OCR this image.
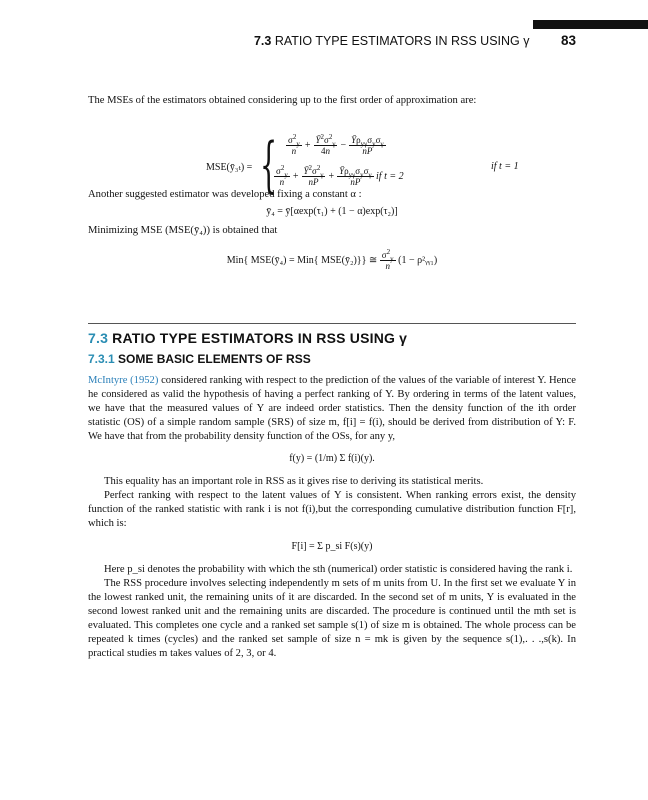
7.3 RATIO TYPE ESTIMATORS IN RSS USING γ 83

The MSEs of the estimators obtained considering up to the first order of approximation are:

MSE(ȳ₃ₜ) = { $\frac{\sigma^2_y}{n} + \frac{Ȳ^2\sigma^2_\gamma}{4n} - \frac{Ȳ\rho_{y\gamma}\sigma_y\sigma_\gamma}{nP}$
$\frac{\sigma^2_y}{n} + \frac{Ȳ^2\sigma^2_\gamma}{nP} + \frac{Ȳ\rho_{y\gamma}\sigma_y\sigma_\gamma}{nP}$ if t = 2
if t = 1

Another suggested estimator was developed fixing a constant α :

ȳ₄ = ȳ[αexp(τ₁) + (1 − α)exp(τ₂)]

Minimizing MSE (MSE(ȳ₄)) is obtained that

Min{ MSE(ȳ₄) = Min{ MSE(ȳ₂)}} ≅ $\frac{\sigma^2_y}{n} (1$ − ρ²ᵧᵧ₁)
7.3 RATIO TYPE ESTIMATORS IN RSS USING γ
7.3.1 SOME BASIC ELEMENTS OF RSS

McIntyre (1952) considered ranking with respect to the prediction of the values of the variable of interest Y. Hence he considered as valid the hypothesis of having a perfect ranking of Y. By ordering in terms of the latent values, we have that the measured values of Y are indeed order statistics. Then the density function of the ith order statistic (OS) of a simple random sample (SRS) of size m, f[i] = f(i), should be derived from distribution of Y: F. We have that from the probability density function of the OSs, for any y,

f(y) = (1/m) Σ f(i)(y).

This equality has an important role in RSS as it gives rise to deriving its statistical merits.

Perfect ranking with respect to the latent values of Y is consistent. When ranking errors exist, the density function of the ranked statistic with rank i is not f(i),but the corresponding cumulative distribution function F[r], which is:

F[i] = Σ p_si F(s)(y)

Here p_si denotes the probability with which the sth (numerical) order statistic is considered having the rank i.

The RSS procedure involves selecting independently m sets of m units from U. In the first set we evaluate Y in the lowest ranked unit, the remaining units of it are discarded. In the second set of m units, Y is evaluated in the second lowest ranked unit and the remaining units are discarded. The procedure is continued until the mth set is evaluated. This completes one cycle and a ranked set sample s(1) of size m is obtained. The whole process can be repeated k times (cycles) and the ranked set sample of size n = mk is given by the sequence s(1),. . .,s(k). In practical studies m takes values of 2, 3, or 4.
